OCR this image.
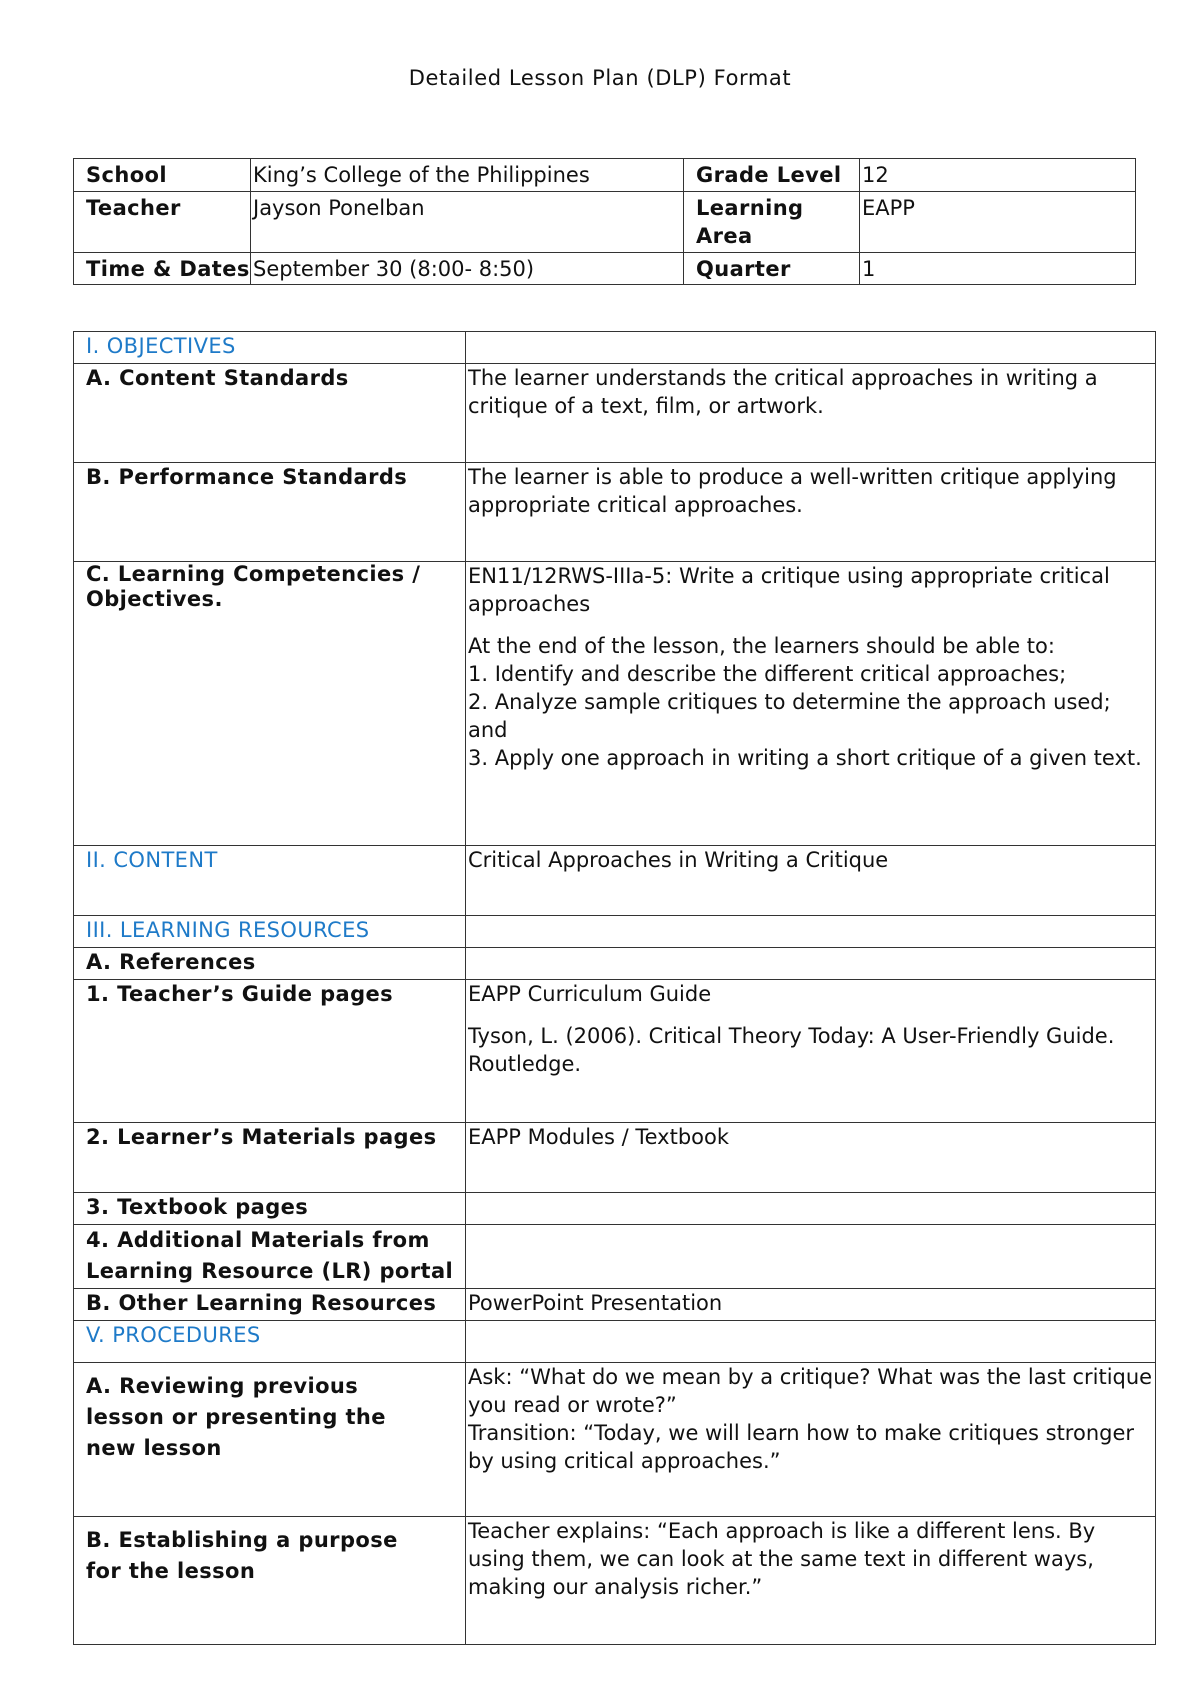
Detailed Lesson Plan (DLP) Format
School	King’s College of the Philippines	Grade Level	12
Teacher	Jayson Ponelban	Learning Area	EAPP
Time & Dates	September 30 (8:00- 8:50)	Quarter	1
I. OBJECTIVES	
A. Content Standards	The learner understands the critical approaches in writing a critique of a text, film, or artwork.
B. Performance Standards	The learner is able to produce a well-written critique applying appropriate critical approaches.
C. Learning Competencies / Objectives.	EN11/12RWS-IIIa-5: Write a critique using appropriate critical approaches
At the end of the lesson, the learners should be able to:
1. Identify and describe the different critical approaches;
2. Analyze sample critiques to determine the approach used; and
3. Apply one approach in writing a short critique of a given text.

II. CONTENT	Critical Approaches in Writing a Critique
III. LEARNING RESOURCES	
A. References	
1. Teacher’s Guide pages	EAPP Curriculum Guide
Tyson, L. (2006). Critical Theory Today: A User-Friendly Guide. Routledge.

2. Learner’s Materials pages	EAPP Modules / Textbook
3. Textbook pages	
4. Additional Materials from Learning Resource (LR) portal	
B. Other Learning Resources	PowerPoint Presentation
V. PROCEDURES	
A. Reviewing previous lesson or presenting the new lesson	Ask: “What do we mean by a critique? What was the last critique you read or wrote?”
Transition: “Today, we will learn how to make critiques stronger by using critical approaches.”

B. Establishing a purpose for the lesson	Teacher explains: “Each approach is like a different lens. By using them, we can look at the same text in different ways, making our analysis richer.”
